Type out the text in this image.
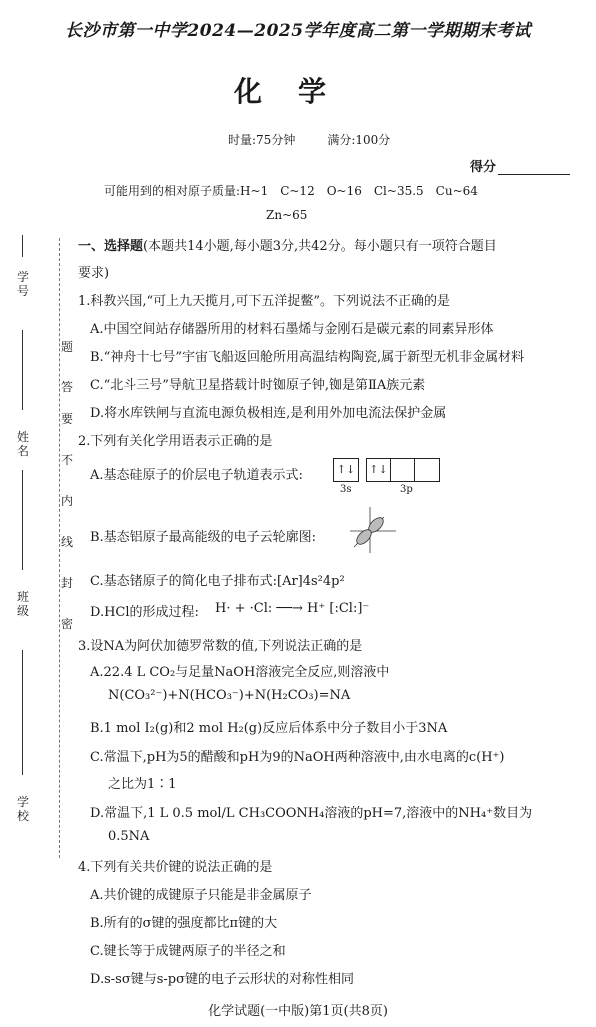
学号
姓名
班级
学校
密
封
线
内
不
要
答
题
长沙市第一中学2024—2025学年度高二第一学期期末考试
化学
时量:75分钟	满分:100分
得分
可能用到的相对原子质量:H~1　C~12　O~16　Cl~35.5　Cu~64
Zn~65
一、选择题(本题共14小题,每小题3分,共42分。每小题只有一项符合题目
要求)
1.科教兴国,“可上九天揽月,可下五洋捉鳖”。下列说法不正确的是
A.中国空间站存储器所用的材料石墨烯与金刚石是碳元素的同素异形体
B.“神舟十七号”宇宙飞船返回舱所用高温结构陶瓷,属于新型无机非金属材料
C.“北斗三号”导航卫星搭载计时铷原子钟,铷是第ⅡA族元素
D.将水库铁闸与直流电源负极相连,是利用外加电流法保护金属
2.下列有关化学用语表示正确的是
A.基态硅原子的价层电子轨道表示式:	↑↓ ↑↓
3s	3p
B.基态铝原子最高能级的电子云轮廓图:
C.基态锗原子的简化电子排布式:[Ar]4s²4p²
D.HCl的形成过程: H· + ·Cl: ──→ H⁺ [:Cl:]⁻
3.设NA为阿伏加德罗常数的值,下列说法正确的是
A.22.4 L CO₂与足量NaOH溶液完全反应,则溶液中
N(CO₃²⁻)+N(HCO₃⁻)+N(H₂CO₃)=NA
B.1 mol I₂(g)和2 mol H₂(g)反应后体系中分子数目小于3NA
C.常温下,pH为5的醋酸和pH为9的NaOH两种溶液中,由水电离的c(H⁺)
之比为1∶1
D.常温下,1 L 0.5 mol/L CH₃COONH₄溶液的pH=7,溶液中的NH₄⁺数目为
0.5NA
4.下列有关共价键的说法正确的是
A.共价键的成键原子只能是非金属原子
B.所有的σ键的强度都比π键的大
C.键长等于成键两原子的半径之和
D.s-sσ键与s-pσ键的电子云形状的对称性相同
化学试题(一中版)第1页(共8页)
